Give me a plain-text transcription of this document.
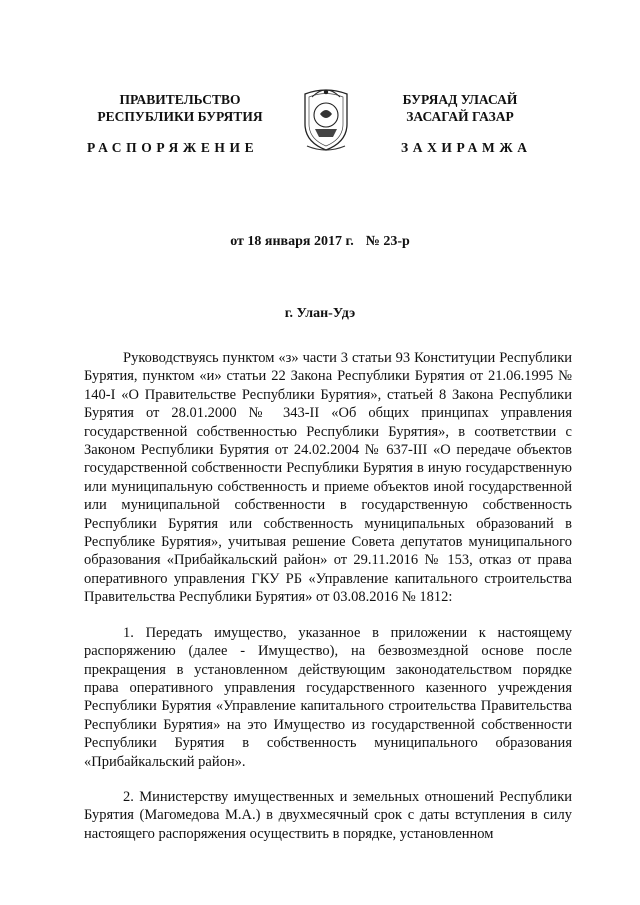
ПРАВИТЕЛЬСТВО
РЕСПУБЛИКИ БУРЯТИЯ
БУРЯАД УЛАСАЙ
ЗАСАГАЙ ГАЗАР
РАСПОРЯЖЕНИЕ	ЗАХИРАМЖА
от 18 января 2017 г. № 23-р
г. Улан-Удэ

Руководствуясь пунктом «з» части 3 статьи 93 Конституции Республики Бурятия, пунктом «и» статьи 22 Закона Республики Бурятия от 21.06.1995 № 140-I «О Правительстве Республики Бурятия», статьей 8 Закона Республики Бурятия от 28.01.2000 № 343-II «Об общих принципах управления государственной собственностью Республики Бурятия», в соответствии с Законом Республики Бурятия от 24.02.2004 № 637-III «О передаче объектов государственной собственности Республики Бурятия в иную государственную или муниципальную собственность и приеме объектов иной государственной или муниципальной собственности в государственную собственность Республики Бурятия или собственность муниципальных образований в Республике Бурятия», учитывая решение Совета депутатов муниципального образования «Прибайкальский район» от 29.11.2016 № 153, отказ от права оперативного управления ГКУ РБ «Управление капитального строительства Правительства Республики Бурятия» от 03.08.2016 № 1812:

1. Передать имущество, указанное в приложении к настоящему распоряжению (далее - Имущество), на безвозмездной основе после прекращения в установленном действующим законодательством порядке права оперативного управления государственного казенного учреждения Республики Бурятия «Управление капитального строительства Правительства Республики Бурятия» на это Имущество из государственной собственности Республики Бурятия в собственность муниципального образования «Прибайкальский район».

2. Министерству имущественных и земельных отношений Республики Бурятия (Магомедова М.А.) в двухмесячный срок с даты вступления в силу настоящего распоряжения осуществить в порядке, установленном
